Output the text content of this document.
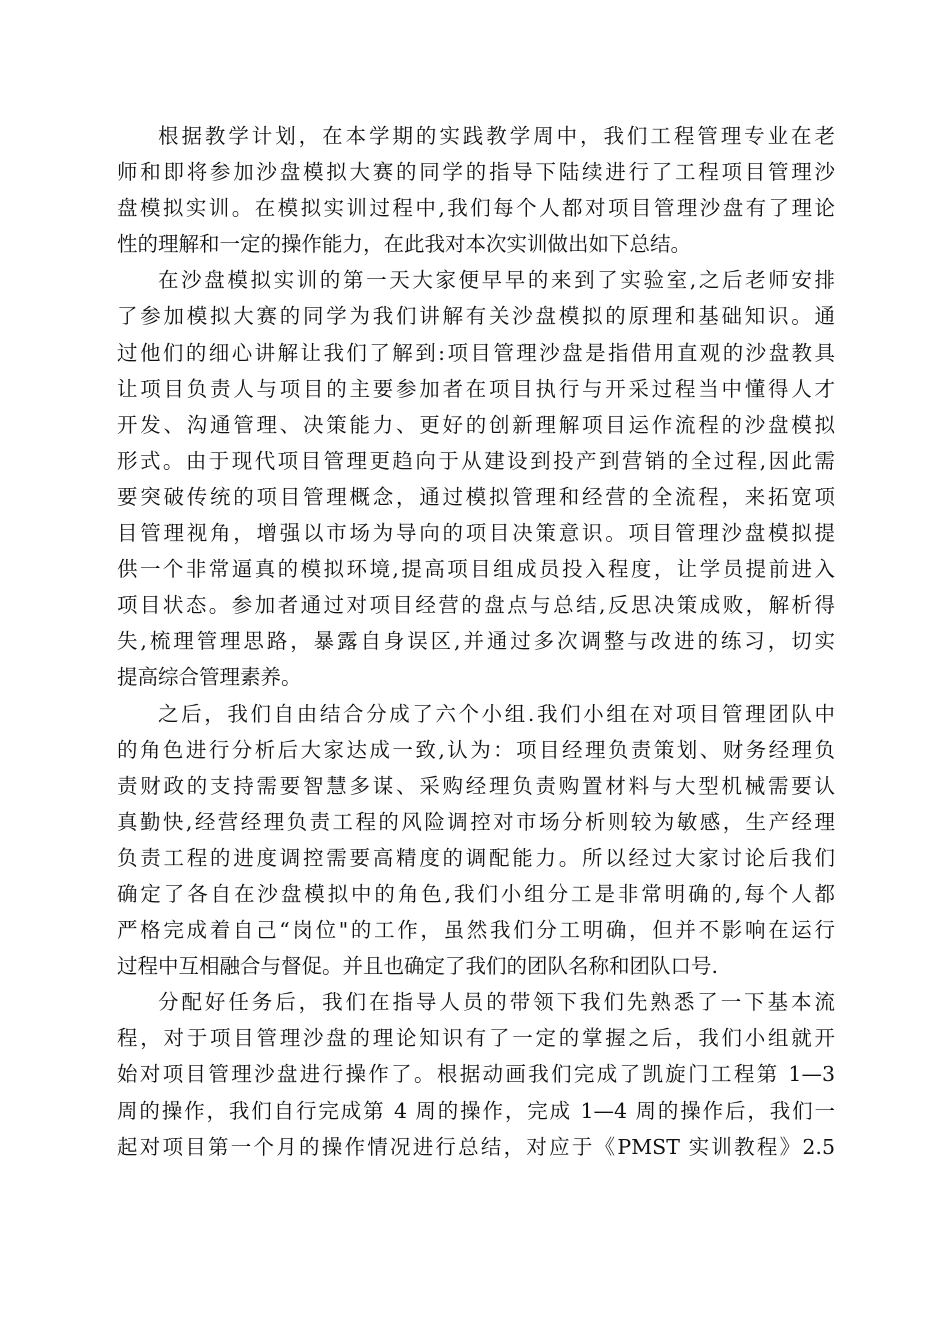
根据教学计划，在本学期的实践教学周中，我们工程管理专业在老
师和即将参加沙盘模拟大赛的同学的指导下陆续进行了工程项目管理沙
盘模拟实训。在模拟实训过程中,我们每个人都对项目管理沙盘有了理论
性的理解和一定的操作能力，在此我对本次实训做出如下总结。
在沙盘模拟实训的第一天大家便早早的来到了实验室,之后老师安排
了参加模拟大赛的同学为我们讲解有关沙盘模拟的原理和基础知识。通
过他们的细心讲解让我们了解到:项目管理沙盘是指借用直观的沙盘教具
让项目负责人与项目的主要参加者在项目执行与开采过程当中懂得人才
开发、沟通管理、决策能力、更好的创新理解项目运作流程的沙盘模拟
形式。由于现代项目管理更趋向于从建设到投产到营销的全过程,因此需
要突破传统的项目管理概念，通过模拟管理和经营的全流程，来拓宽项
目管理视角，增强以市场为导向的项目决策意识。项目管理沙盘模拟提
供一个非常逼真的模拟环境,提高项目组成员投入程度，让学员提前进入
项目状态。参加者通过对项目经营的盘点与总结,反思决策成败，解析得
失,梳理管理思路，暴露自身误区,并通过多次调整与改进的练习，切实
提高综合管理素养。
之后，我们自由结合分成了六个小组.我们小组在对项目管理团队中
的角色进行分析后大家达成一致,认为：项目经理负责策划、财务经理负
责财政的支持需要智慧多谋、采购经理负责购置材料与大型机械需要认
真勤快,经营经理负责工程的风险调控对市场分析则较为敏感，生产经理
负责工程的进度调控需要高精度的调配能力。所以经过大家讨论后我们
确定了各自在沙盘模拟中的角色,我们小组分工是非常明确的,每个人都
严格完成着自己“岗位"的工作，虽然我们分工明确，但并不影响在运行
过程中互相融合与督促。并且也确定了我们的团队名称和团队口号.
分配好任务后，我们在指导人员的带领下我们先熟悉了一下基本流
程，对于项目管理沙盘的理论知识有了一定的掌握之后，我们小组就开
始对项目管理沙盘进行操作了。根据动画我们完成了凯旋门工程第 1—3
周的操作，我们自行完成第 4 周的操作，完成 1—4 周的操作后，我们一
起对项目第一个月的操作情况进行总结，对应于《PMST 实训教程》2.5
